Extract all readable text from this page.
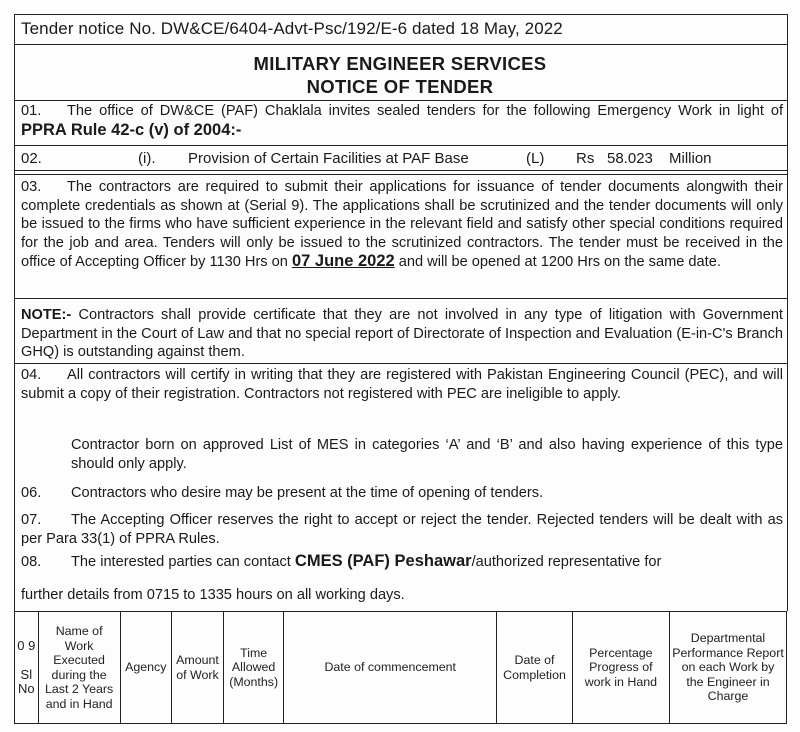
Tender notice No. DW&CE/6404-Advt-Psc/192/E-6 dated 18 May, 2022
MILITARY ENGINEER SERVICES
NOTICE OF TENDER
01. The office of DW&CE (PAF) Chaklala invites sealed tenders for the following Emergency Work in light of PPRA Rule 42-c (v) of 2004:-
02.	(i). Provision of Certain Facilities at PAF Base	(L) Rs 58.023 Million
03. The contractors are required to submit their applications for issuance of tender documents alongwith their complete credentials as shown at (Serial 9). The applications shall be scrutinized and the tender documents will only be issued to the firms who have sufficient experience in the relevant field and satisfy other special conditions required for the job and area. Tenders will only be issued to the scrutinized contractors. The tender must be received in the office of Accepting Officer by 1130 Hrs on 07 June 2022 and will be opened at 1200 Hrs on the same date.
NOTE:- Contractors shall provide certificate that they are not involved in any type of litigation with Government Department in the Court of Law and that no special report of Directorate of Inspection and Evaluation (E-in-C's Branch GHQ) is outstanding against them.
04. All contractors will certify in writing that they are registered with Pakistan Engineering Council (PEC), and will submit a copy of their registration. Contractors not registered with PEC are ineligible to apply.
Contractor born on approved List of MES in categories ‘A’ and ‘B’ and also having experience of this type should only apply.
06. Contractors who desire may be present at the time of opening of tenders.
07. The Accepting Officer reserves the right to accept or reject the tender. Rejected tenders will be dealt with as per Para 33(1) of PPRA Rules.
08. The interested parties can contact CMES (PAF) Peshawar/authorized representative for
further details from 0715 to 1335 hours on all working days.
0 9

Sl No	Name of Work Executed during the Last 2 Years and in Hand	Agency	Amount of Work	Time Allowed (Months)	Date of commencement	Date of Completion	Percentage Progress of work in Hand	Departmental Performance Report on each Work by the Engineer in Charge
